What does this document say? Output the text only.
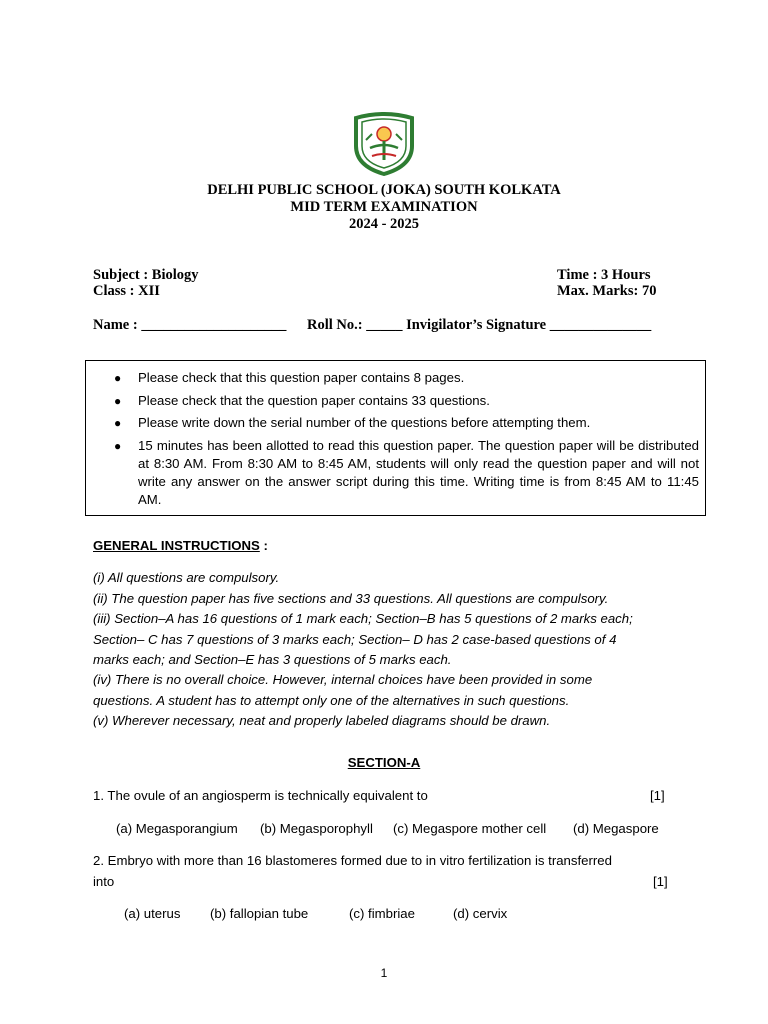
DELHI PUBLIC SCHOOL (JOKA) SOUTH KOLKATA
MID TERM EXAMINATION
2024 - 2025
Subject : Biology
Class : XII
Time : 3 Hours
Max. Marks: 70
Name : ____________________ Roll No.: _____ Invigilator’s Signature ______________
● Please check that this question paper contains 8 pages.
● Please check that the question paper contains 33 questions.
● Please write down the serial number of the questions before attempting them.
● 15 minutes has been allotted to read this question paper. The question paper will be distributed at 8:30 AM. From 8:30 AM to 8:45 AM, students will only read the question paper and will not write any answer on the answer script during this time. Writing time is from 8:45 AM to 11:45 AM.
GENERAL INSTRUCTIONS :
(i) All questions are compulsory.
(ii) The question paper has five sections and 33 questions. All questions are compulsory.
(iii) Section–A has 16 questions of 1 mark each; Section–B has 5 questions of 2 marks each;
Section– C has 7 questions of 3 marks each; Section– D has 2 case-based questions of 4
marks each; and Section–E has 3 questions of 5 marks each.
(iv) There is no overall choice. However, internal choices have been provided in some
questions. A student has to attempt only one of the alternatives in such questions.
(v) Wherever necessary, neat and properly labeled diagrams should be drawn.
SECTION-A
1. The ovule of an angiosperm is technically equivalent to	[1]
(a) Megasporangium (b) Megasporophyll (c) Megaspore mother cell (d) Megaspore
2. Embryo with more than 16 blastomeres formed due to in vitro fertilization is transferred
into	[1]
(a) uterus (b) fallopian tube	(c) fimbriae	(d) cervix
1
